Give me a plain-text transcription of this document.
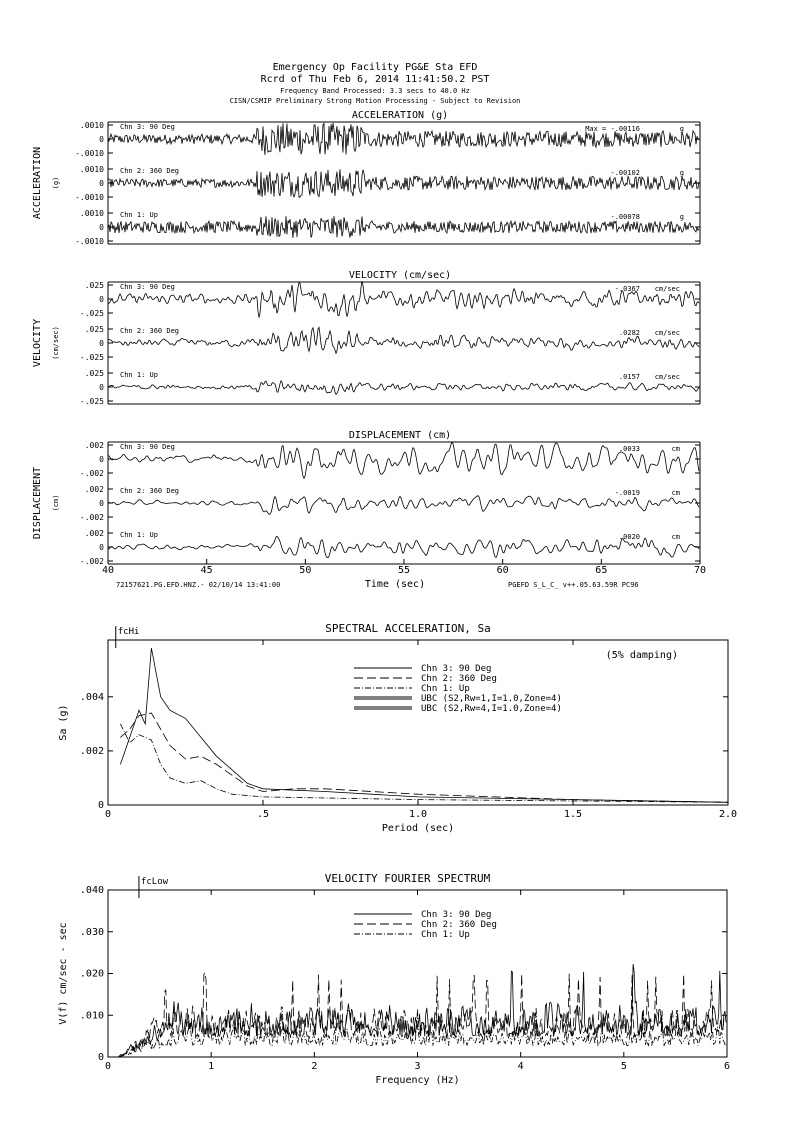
Emergency Op Facility PG&E Sta EFD
Rcrd of Thu Feb 6, 2014 11:41:50.2 PST
Frequency Band Processed: 3.3 secs to 40.0 Hz
CISN/CSMIP Preliminary Strong Motion Processing - Subject to Revision
ACCELERATION (g)
ACCELERATION (g)
.0010
0
-.0010
Chn 3: 90 Deg	Max = -.00116	g
.0010
0
-.0010
Chn 2: 360 Deg	-.00102	g
.0010
0
-.0010
Chn 1: Up	-.00078	g
VELOCITY (cm/sec)
VELOCITY (cm/sec)
.025
0
-.025
Chn 3: 90 Deg	-.0367 cm/sec
.025
0
-.025
Chn 2: 360 Deg	.0282 cm/sec
.025
0
-.025
Chn 1: Up	.0157 cm/sec
DISPLACEMENT (cm)
DISPLACEMENT (cm)
.002
0
-.002
Chn 3: 90 Deg	.0033	cm
.002
0
-.002
Chn 2: 360 Deg	-.0019	cm
.002
0
-.002
Chn 1: Up	.0020	cm
40	45	50	55	60	65	70
Time (sec)
72157621.PG.EFD.HNZ.- 02/10/14 13:41:00	PGEFD S_L_C_ v++.05.63.59R PC96
SPECTRAL ACCELERATION, Sa
0	.5	1.0	1.5	2.0
0
.002
.004
Period (sec)
Sa (g)
fcHi
(5% damping)
Chn 3: 90 Deg
Chn 2: 360 Deg
Chn 1: Up
UBC (S2,Rw=1,I=1.0,Zone=4)
UBC (S2,Rw=4,I=1.0,Zone=4)
VELOCITY FOURIER SPECTRUM
0	1	2	3	4	5	6
0
.010
.020
.030
.040
Frequency (Hz)
V(f) cm/sec - sec
fcLow
Chn 3: 90 Deg
Chn 2: 360 Deg
Chn 1: Up
